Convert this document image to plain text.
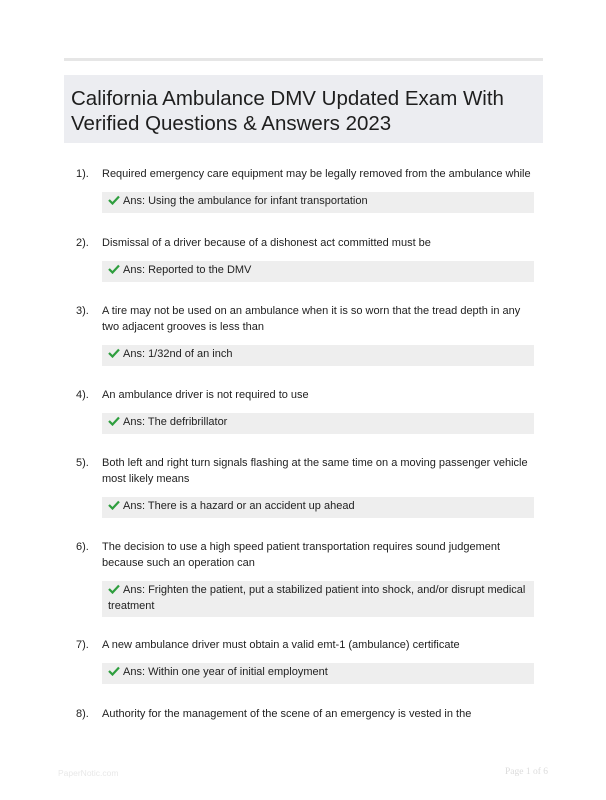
California Ambulance DMV Updated Exam With Verified Questions & Answers 2023
1). Required emergency care equipment may be legally removed from the ambulance while
Ans: Using the ambulance for infant transportation
2). Dismissal of a driver because of a dishonest act committed must be
Ans: Reported to the DMV
3). A tire may not be used on an ambulance when it is so worn that the tread depth in any two adjacent grooves is less than
Ans: 1/32nd of an inch
4). An ambulance driver is not required to use
Ans: The defribrillator
5). Both left and right turn signals flashing at the same time on a moving passenger vehicle most likely means
Ans: There is a hazard or an accident up ahead
6). The decision to use a high speed patient transportation requires sound judgement because such an operation can
Ans: Frighten the patient, put a stabilized patient into shock, and/or disrupt medical treatment
7). A new ambulance driver must obtain a valid emt-1 (ambulance) certificate
Ans: Within one year of initial employment
8). Authority for the management of the scene of an emergency is vested in the
PaperNotic.com	Page 1 of 6
